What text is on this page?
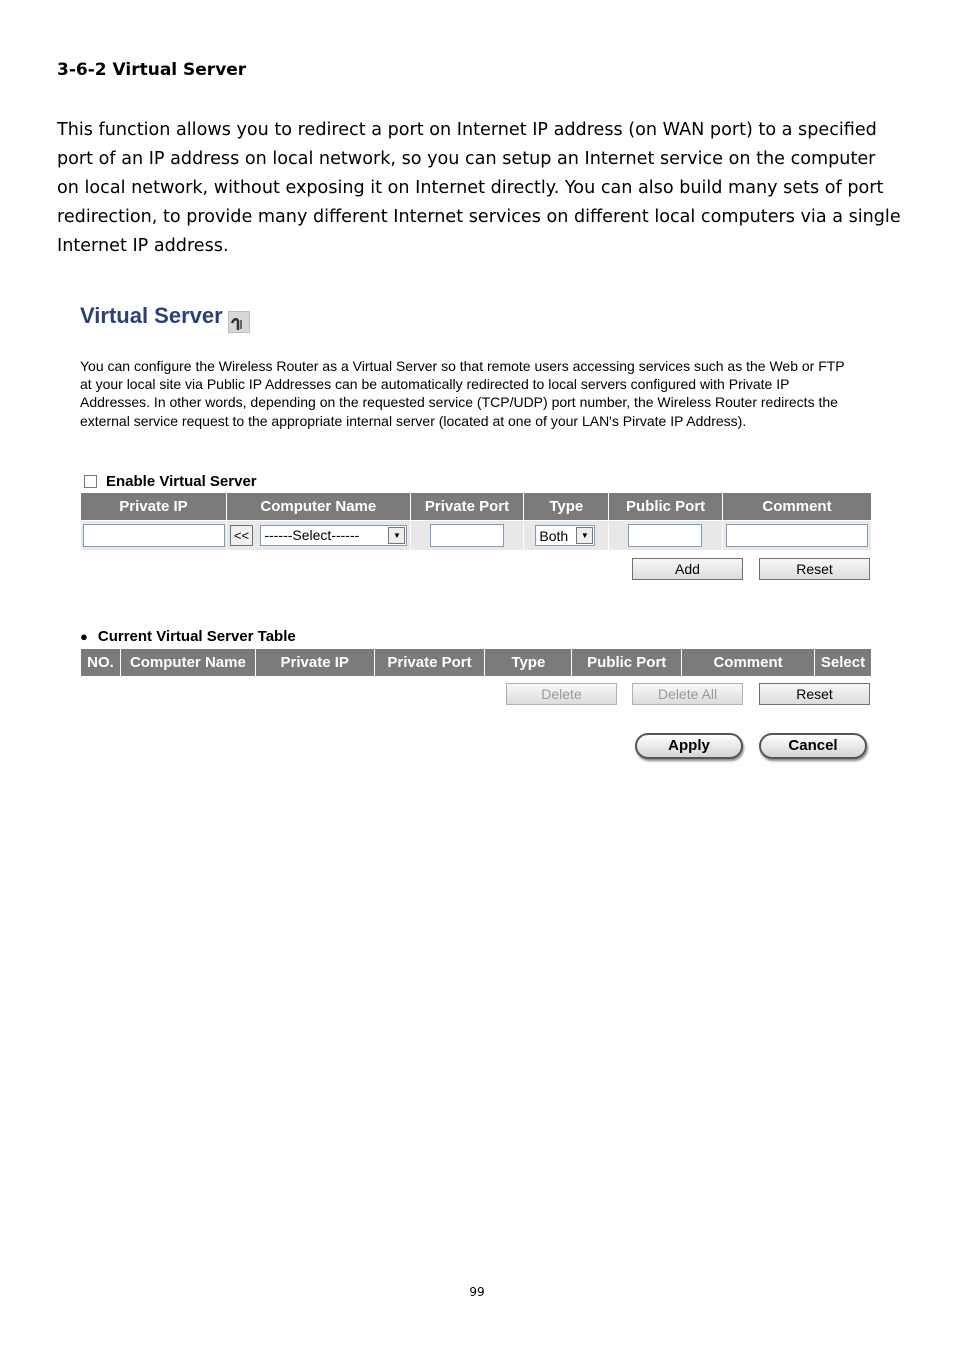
3-6-2 Virtual Server

This function allows you to redirect a port on Internet IP address (on WAN port) to a specified port of an IP address on local network, so you can setup an Internet service on the computer on local network, without exposing it on Internet directly. You can also build many sets of port redirection, to provide many different Internet services on different local computers via a single Internet IP address.

Virtual Server

You can configure the Wireless Router as a Virtual Server so that remote users accessing services such as the Web or FTP at your local site via Public IP Addresses can be automatically redirected to local servers configured with Private IP Addresses. In other words, depending on the requested service (TCP/UDP) port number, the Wireless Router redirects the external service request to the appropriate internal server (located at one of your LAN's Pirvate IP Address).

Enable Virtual Server
Private IP	Computer Name	Private Port	Type	Public Port	Comment

	<< ------Select------ ▼		Both ▼		

Add	Reset
● Current Virtual Server Table
NO.	Computer Name	Private IP	Private Port	Type	Public Port	Comment	Select
Delete	Delete All	Reset
Apply	Cancel
99
